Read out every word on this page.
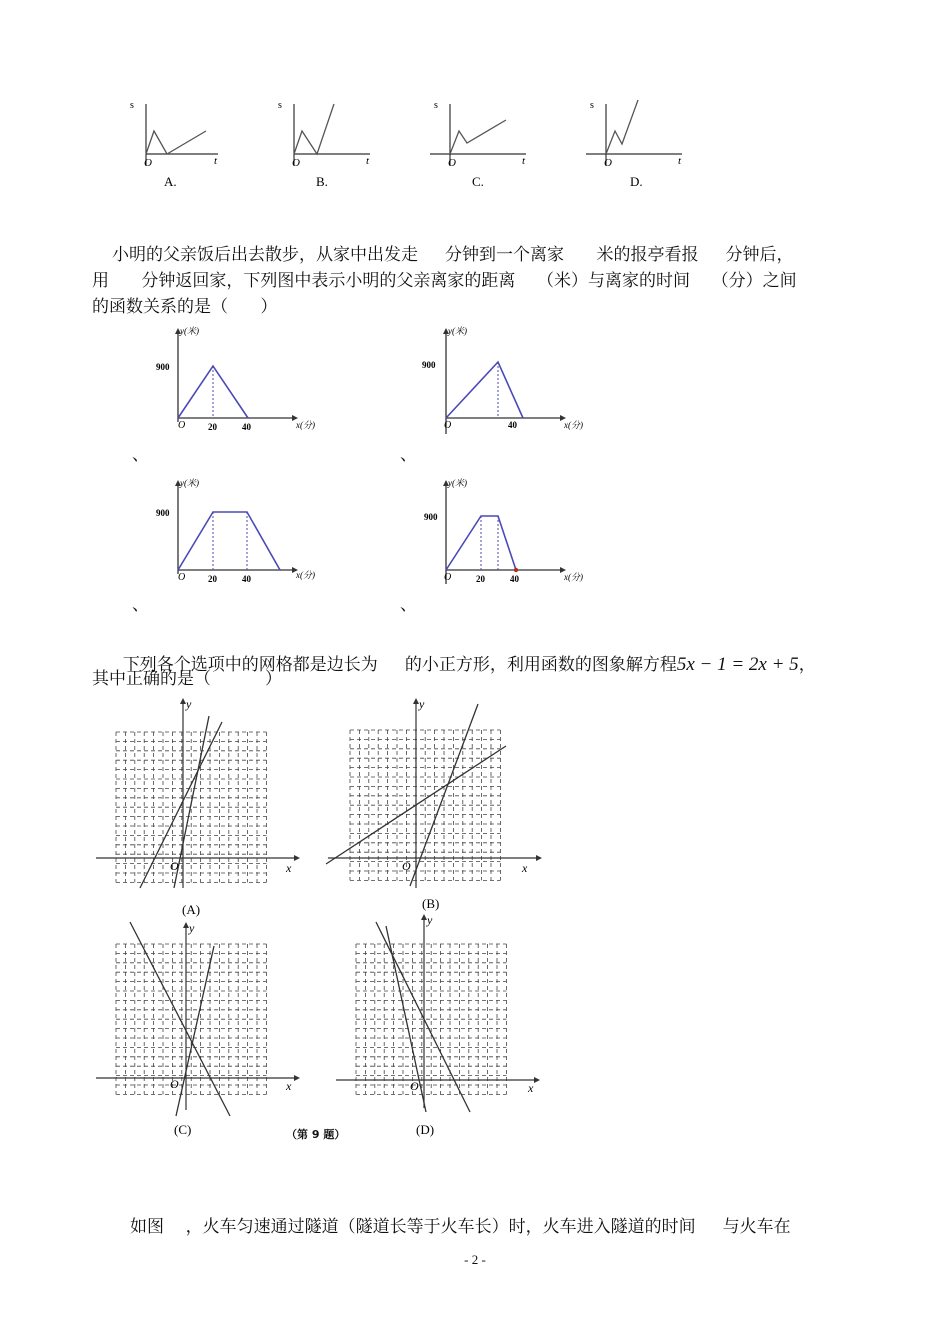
s
t
O
A.
s
t
O
B.
s
t
O
C.
s
t
O
D.
小明的父亲饭后出去散步，从家中出发走     分钟到一个离家      米的报亭看报     分钟后，
用      分钟返回家，下列图中表示小明的父亲离家的距离    （米）与离家的时间    （分）之间
的函数关系的是（      ）
y(米)
x(分)
900
O	20	40
、
y(米)
x(分)
900
O	40
、
y(米)
x(分)
900
O	20	40
、
y(米)
x(分)
900
O	20	40
、

下列各个选项中的网格都是边长为     的小正方形，利用函数的图象解方程5x − 1 = 2x + 5，

其中正确的是（          ）
x
y
O
(A)
x
y
O
(B)
x
y
O
(C)	（第 9 题）
x
y
O
(D)
如图    ，火车匀速通过隧道（隧道长等于火车长）时，火车进入隧道的时间     与火车在
- 2 -
